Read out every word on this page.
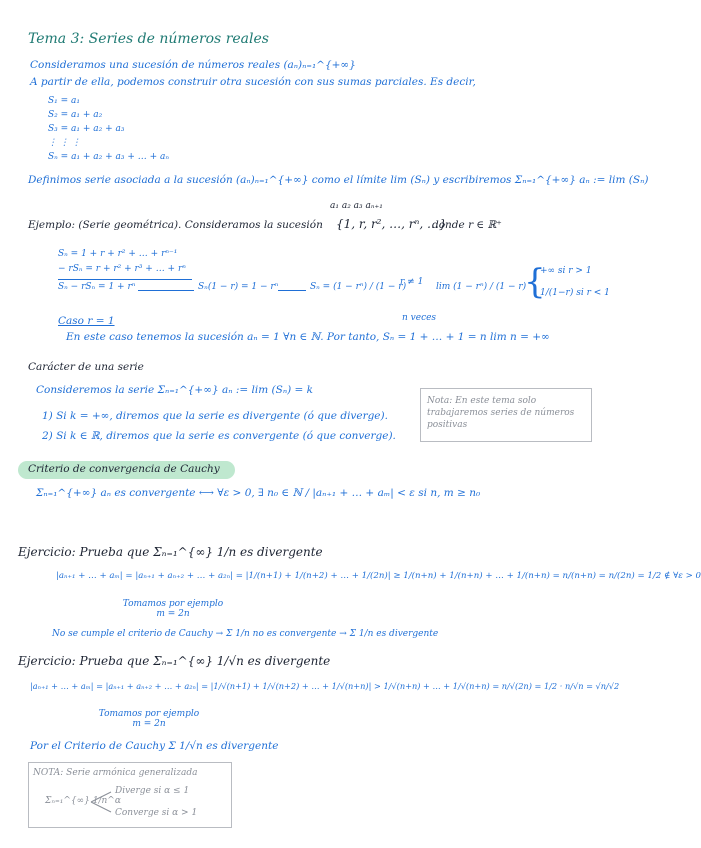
Tema 3: Series de números reales
Consideramos una sucesión de números reales (aₙ)ₙ₌₁^{+∞}
A partir de ella, podemos construir otra sucesión con sus sumas parciales. Es decir,
S₁ = a₁
S₂ = a₁ + a₂
S₃ = a₁ + a₂ + a₃
⋮ ⋮ ⋮
Sₙ = a₁ + a₂ + a₃ + … + aₙ
Definimos serie asociada a la sucesión (aₙ)ₙ₌₁^{+∞} como el límite lim (Sₙ) y escribiremos Σₙ₌₁^{+∞} aₙ := lim (Sₙ)
a₁ a₂ a₃ aₙ₊₁
Ejemplo: (Serie geométrica). Consideramos la sucesión {1, r, r², …, rⁿ, …}
donde r ∈ ℝ⁺
Sₙ = 1 + r + r² + … + rⁿ⁻¹
− rSₙ = r + r² + r³ + … + rⁿ
Sₙ − rSₙ = 1 + rⁿ	Sₙ(1 − r) = 1 − rⁿ	Sₙ = (1 − rⁿ) / (1 − r)
r ≠ 1 lim (1 − rⁿ) / (1 − r)
{
+∞ si r > 1
1/(1−r) si r < 1
Caso r = 1	n veces
En este caso tenemos la sucesión aₙ = 1 ∀n ∈ ℕ. Por tanto, Sₙ = 1 + … + 1 = n lim n = +∞
Carácter de una serie
Consideremos la serie Σₙ₌₁^{+∞} aₙ := lim (Sₙ) = k
1) Si k = +∞, diremos que la serie es divergente (ó que diverge).
2) Si k ∈ ℝ, diremos que la serie es convergente (ó que converge).
Nota: En este tema solo trabajaremos series de números positivas
Criterio de convergencia de Cauchy
Σₙ₌₁^{+∞} aₙ es convergente ⟷ ∀ε > 0, ∃ n₀ ∈ ℕ / |aₙ₊₁ + … + aₘ| < ε si n, m ≥ n₀
Ejercicio: Prueba que Σₙ₌₁^{∞} 1/n es divergente
|aₙ₊₁ + … + aₘ| = |aₙ₊₁ + aₙ₊₂ + … + a₂ₙ| = |1/(n+1) + 1/(n+2) + … + 1/(2n)| ≥ 1/(n+n) + 1/(n+n) + … + 1/(n+n) = n/(n+n) = n/(2n) = 1/2 ∉ ∀ε > 0
Tomamos por ejemplo m = 2n
No se cumple el criterio de Cauchy → Σ 1/n no es convergente → Σ 1/n es divergente
Ejercicio: Prueba que Σₙ₌₁^{∞} 1/√n es divergente
|aₙ₊₁ + … + aₘ| = |aₙ₊₁ + aₙ₊₂ + … + a₂ₙ| = |1/√(n+1) + 1/√(n+2) + … + 1/√(n+n)| > 1/√(n+n) + … + 1/√(n+n) = n/√(2n) = 1/2 · n/√n = √n/√2
Tomamos por ejemplo m = 2n
Por el Criterio de Cauchy Σ 1/√n es divergente
NOTA: Serie armónica generalizada
Σₙ₌₁^{∞} 1/n^α
Diverge si α ≤ 1
Converge si α > 1
